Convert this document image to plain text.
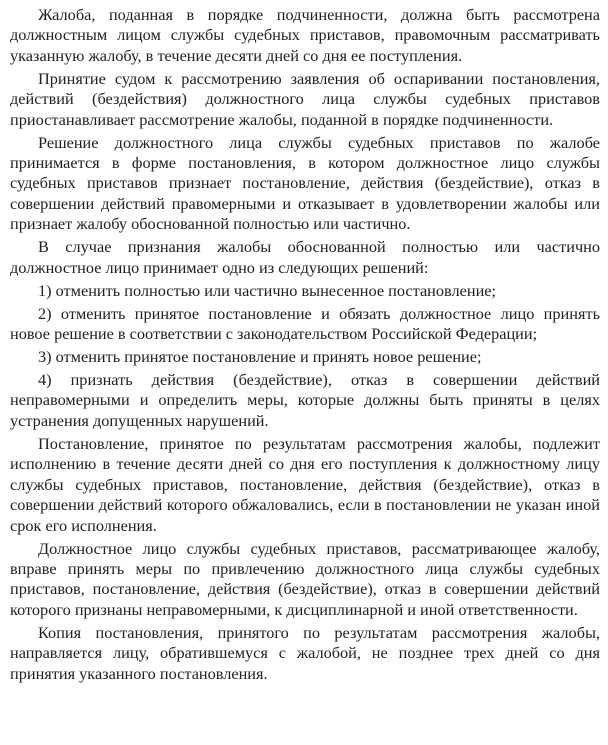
Жалоба, поданная в порядке подчиненности, должна быть рассмотрена должностным лицом службы судебных приставов, правомочным рассматривать указанную жалобу, в течение десяти дней со дня ее поступления.

Принятие судом к рассмотрению заявления об оспаривании постановления, действий (бездействия) должностного лица службы судебных приставов приостанавливает рассмотрение жалобы, поданной в порядке подчиненности.

Решение должностного лица службы судебных приставов по жалобе принимается в форме постановления, в котором должностное лицо службы судебных приставов признает постановление, действия (бездействие), отказ в совершении действий правомерными и отказывает в удовлетворении жалобы или признает жалобу обоснованной полностью или частично.

В случае признания жалобы обоснованной полностью или частично должностное лицо принимает одно из следующих решений:

1) отменить полностью или частично вынесенное постановление;

2) отменить принятое постановление и обязать должностное лицо принять новое решение в соответствии с законодательством Российской Федерации;

3) отменить принятое постановление и принять новое решение;

4) признать действия (бездействие), отказ в совершении действий неправомерными и определить меры, которые должны быть приняты в целях устранения допущенных нарушений.

Постановление, принятое по результатам рассмотрения жалобы, подлежит исполнению в течение десяти дней со дня его поступления к должностному лицу службы судебных приставов, постановление, действия (бездействие), отказ в совершении действий которого обжаловались, если в постановлении не указан иной срок его исполнения.

Должностное лицо службы судебных приставов, рассматривающее жалобу, вправе принять меры по привлечению должностного лица службы судебных приставов, постановление, действия (бездействие), отказ в совершении действий которого признаны неправомерными, к дисциплинарной и иной ответственности.

Копия постановления, принятого по результатам рассмотрения жалобы, направляется лицу, обратившемуся с жалобой, не позднее трех дней со дня принятия указанного постановления.
